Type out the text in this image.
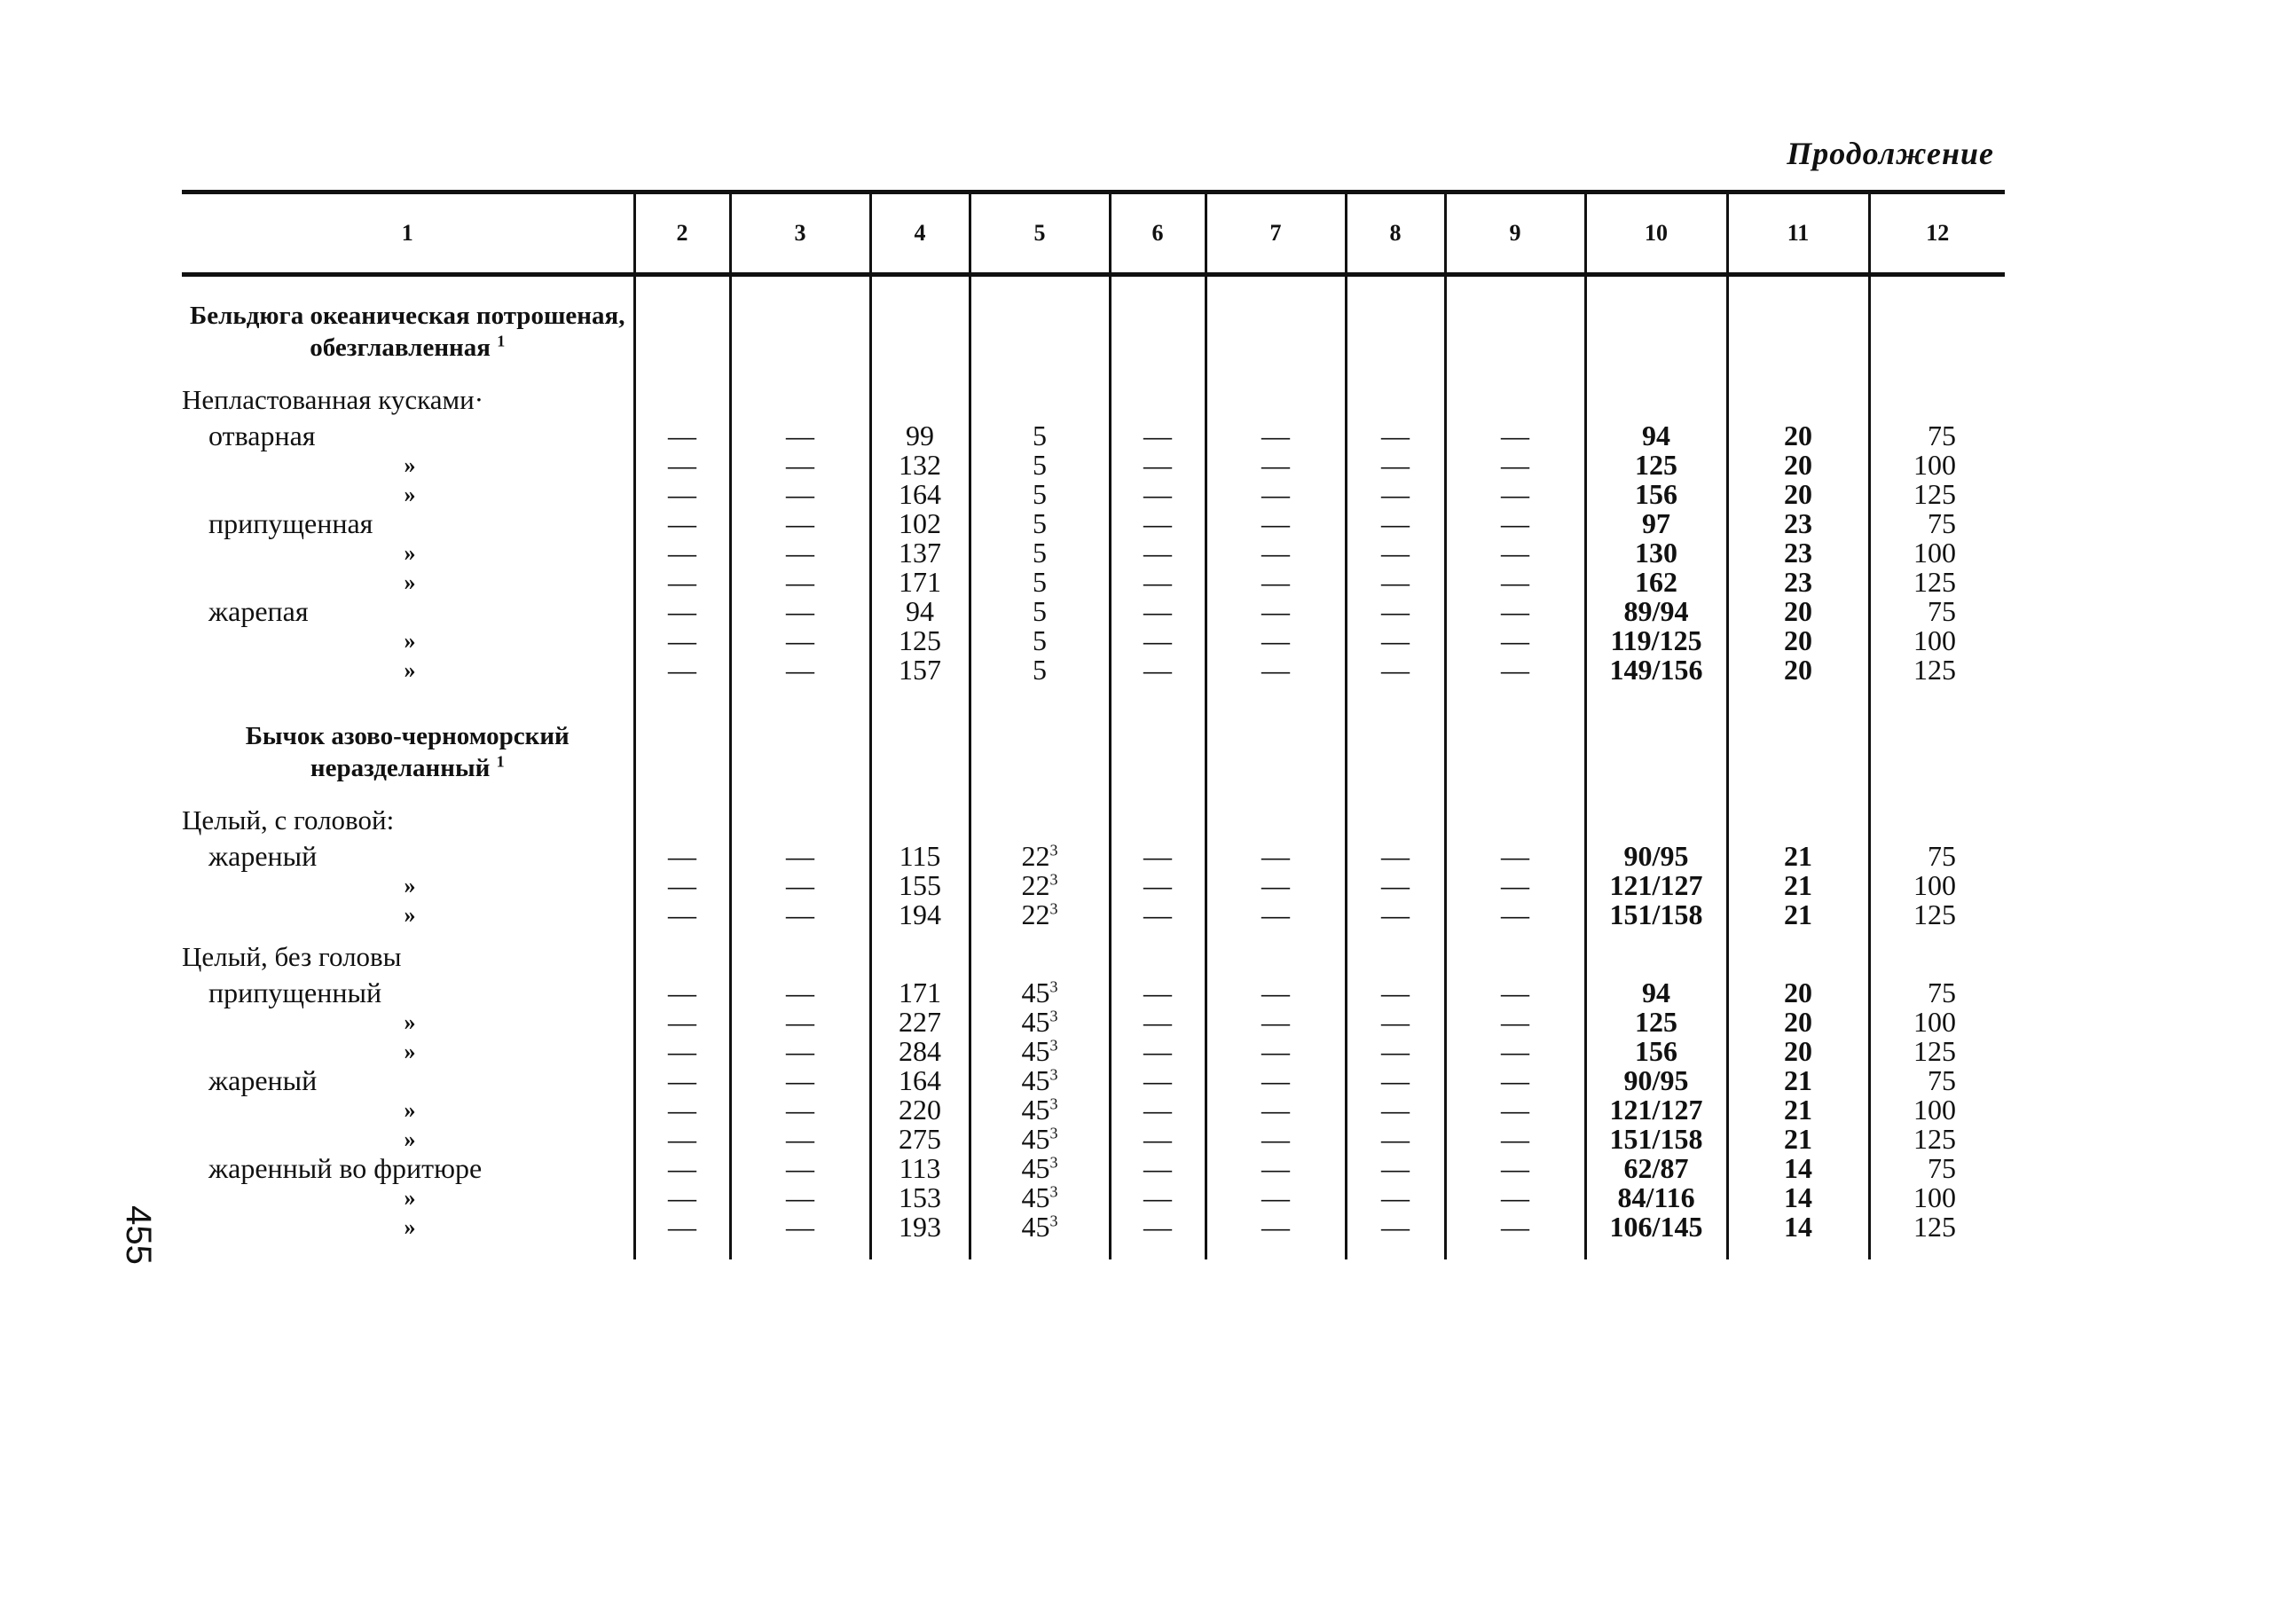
Продолжение
455
1	2	3	4	5	6	7	8	9	10	11	12

Бельдюга океаническая потрошеная, обезглавленная $^1$											

Непластованная кусками·											

отварная	—	—	99	5	—	—	—	—	94	20	75
»	—	—	132	5	—	—	—	—	125	20	100
»	—	—	164	5	—	—	—	—	156	20	125
припущенная	—	—	102	5	—	—	—	—	97	23	75
»	—	—	137	5	—	—	—	—	130	23	100
»	—	—	171	5	—	—	—	—	162	23	125
жарепая	—	—	94	5	—	—	—	—	89/94	20	75
»	—	—	125	5	—	—	—	—	119/125	20	100
»	—	—	157	5	—	—	—	—	149/156	20	125

Бычок азово-черноморский неразделанный $^1$											

Целый, с головой:											

жареный	—	—	115	$22^3$	—	—	—	—	90/95	21	75
»	—	—	155	$22^3$	—	—	—	—	121/127	21	100
»	—	—	194	$22^3$	—	—	—	—	151/158	21	125

Целый, без головы											

припущенный	—	—	171	$45^3$	—	—	—	—	94	20	75
»	—	—	227	$45^3$	—	—	—	—	125	20	100
»	—	—	284	$45^3$	—	—	—	—	156	20	125
жареный	—	—	164	$45^3$	—	—	—	—	90/95	21	75
»	—	—	220	$45^3$	—	—	—	—	121/127	21	100
»	—	—	275	$45^3$	—	—	—	—	151/158	21	125
жаренный во фритюре	—	—	113	$45^3$	—	—	—	—	62/87	14	75
»	—	—	153	$45^3$	—	—	—	—	84/116	14	100
»	—	—	193	$45^3$	—	—	—	—	106/145	14	125
